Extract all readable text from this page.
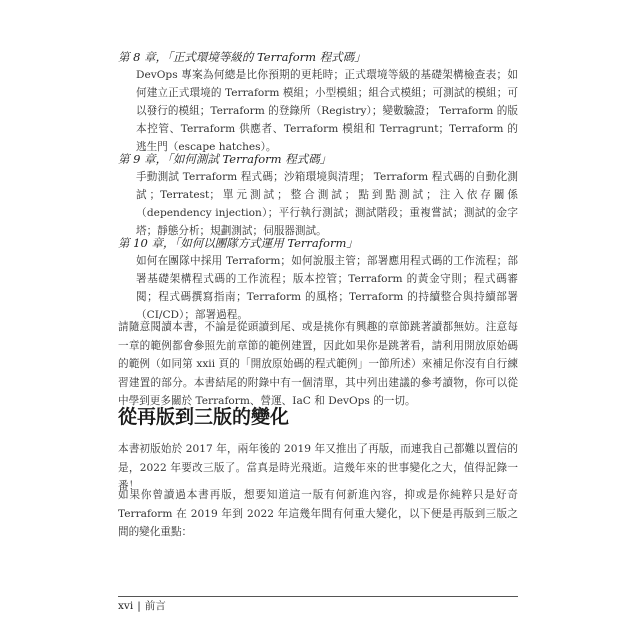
第 8 章，「正式環境等級的 Terraform 程式碼」
DevOps 專案為何總是比你預期的更耗時；正式環境等級的基礎架構檢查表；如何建立正式環境的 Terraform 模組；小型模組；組合式模組；可測試的模組；可以發行的模組；Terraform 的登錄所（Registry）；變數驗證； Terraform 的版本控管、Terraform 供應者、Terraform 模組和 Terragrunt；Terraform 的逃生門（escape hatches）。
第 9 章，「如何測試 Terraform 程式碼」
手動測試 Terraform 程式碼；沙箱環境與清理； Terraform 程式碼的自動化測試；Terratest；單元測試；整合測試；點到點測試；注入依存關係（dependency injection）；平行執行測試；測試階段；重複嘗試；測試的金字塔；靜態分析；規劃測試；伺服器測試。
第 10 章，「如何以團隊方式運用 Terraform」
如何在團隊中採用 Terraform；如何說服主管；部署應用程式碼的工作流程；部署基礎架構程式碼的工作流程；版本控管；Terraform 的黃金守則；程式碼審閱；程式碼撰寫指南；Terraform 的風格；Terraform 的持續整合與持續部署（CI/CD）；部署過程。

請隨意閱讀本書，不論是從頭讀到尾、或是挑你有興趣的章節跳著讀都無妨。注意每一章的範例都會參照先前章節的範例建置，因此如果你是跳著看，請利用開放原始碼的範例（如同第 xxii 頁的「開放原始碼的程式範例」一節所述）來補足你沒有自行練習建置的部分。本書結尾的附錄中有一個清單，其中列出建議的參考讀物，你可以從中學到更多關於 Terraform、營運、IaC 和 DevOps 的一切。

從再版到三版的變化

本書初版始於 2017 年，兩年後的 2019 年又推出了再版，而連我自己都難以置信的是，2022 年要改三版了。當真是時光飛逝。這幾年來的世事變化之大，值得記錄一番！

如果你曾讀過本書再版，想要知道這一版有何新進內容，抑或是你純粹只是好奇 Terraform 在 2019 年到 2022 年這幾年間有何重大變化，以下便是再版到三版之間的變化重點：

xvi | 前言
